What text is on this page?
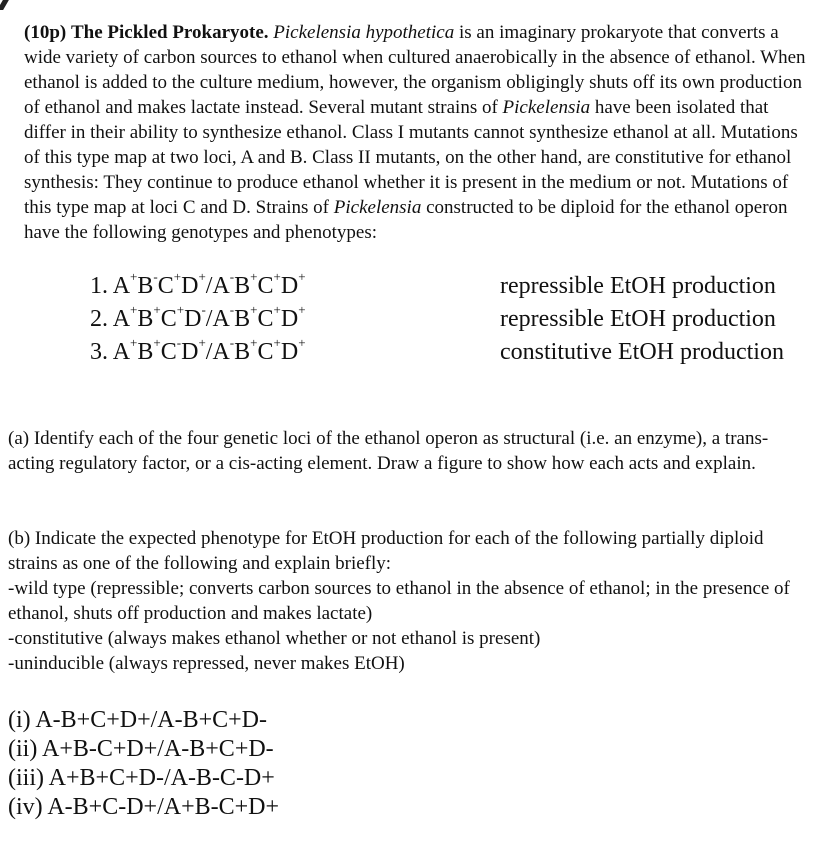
(10p) The Pickled Prokaryote. Pickelensia hypothetica is an imaginary prokaryote that converts a wide variety of carbon sources to ethanol when cultured anaerobically in the absence of ethanol. When ethanol is added to the culture medium, however, the organism obligingly shuts off its own production of ethanol and makes lactate instead. Several mutant strains of Pickelensia have been isolated that differ in their ability to synthesize ethanol. Class I mutants cannot synthesize ethanol at all. Mutations of this type map at two loci, A and B. Class II mutants, on the other hand, are constitutive for ethanol synthesis: They continue to produce ethanol whether it is present in the medium or not. Mutations of this type map at loci C and D. Strains of Pickelensia constructed to be diploid for the ethanol operon have the following genotypes and phenotypes:

1. A+B-C+D+/A-B+C+D+	repressible EtOH production
2. A+B+C+D-/A-B+C+D+	repressible EtOH production
3. A+B+C-D+/A-B+C+D+	constitutive EtOH production

(a) Identify each of the four genetic loci of the ethanol operon as structural (i.e. an enzyme), a trans-acting regulatory factor, or a cis-acting element. Draw a figure to show how each acts and explain.

(b) Indicate the expected phenotype for EtOH production for each of the following partially diploid strains as one of the following and explain briefly:

-wild type (repressible; converts carbon sources to ethanol in the absence of ethanol; in the presence of ethanol, shuts off production and makes lactate)

-constitutive (always makes ethanol whether or not ethanol is present)

-uninducible (always repressed, never makes EtOH)

(i) A-B+C+D+/A-B+C+D-
(ii) A+B-C+D+/A-B+C+D-
(iii) A+B+C+D-/A-B-C-D+
(iv) A-B+C-D+/A+B-C+D+
